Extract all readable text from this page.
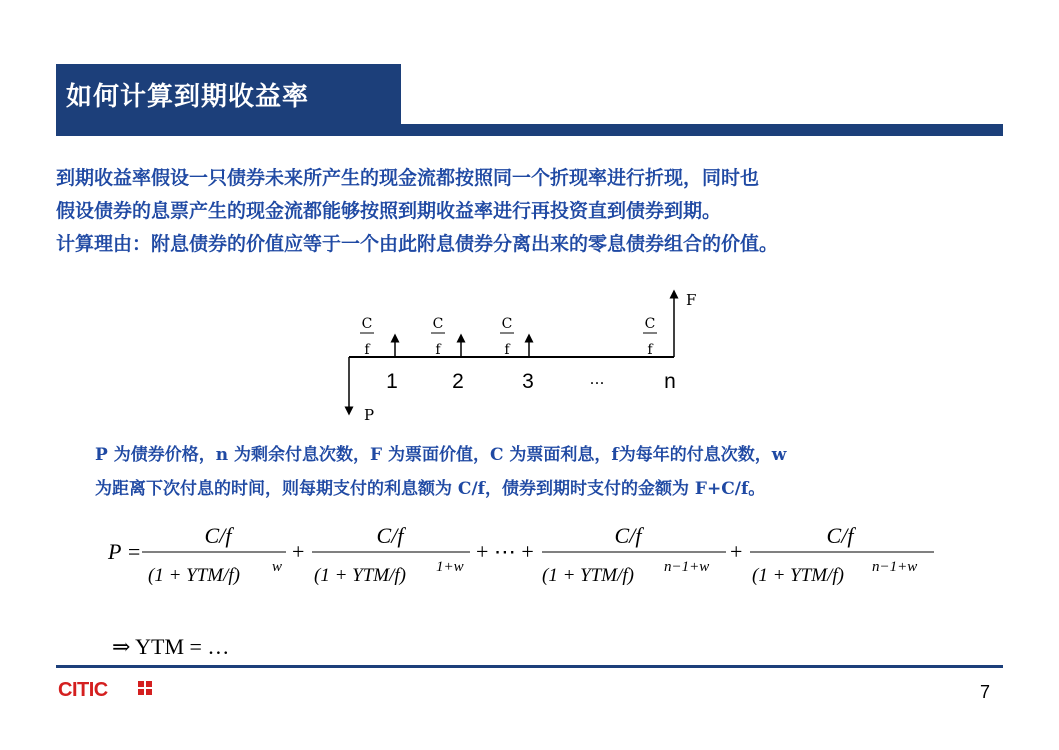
如何计算到期收益率

到期收益率假设一只债券未来所产生的现金流都按照同一个折现率进行折现，同时也

假设债券的息票产生的现金流都能够按照到期收益率进行再投资直到债券到期。

计算理由：附息债券的价值应等于一个由此附息债券分离出来的零息债券组合的价值。

P
C
f
C
f
C
f
C
f
F
1	2	3	…	n

P 为债券价格，n 为剩余付息次数，F 为票面价值，C 为票面利息，f为每年的付息次数，w

为距离下次付息的时间，则每期支付的利息额为 C/f，债券到期时支付的金额为 F+C/f。

P =
C/f
(1 + YTM/f) w
+
C/f
(1 + YTM/f) 1+w
+ ⋯ +
C/f
(1 + YTM/f) n−1+w
+
C/f
(1 + YTM/f) n−1+w
⇒ YTM = …
CITIC	7
